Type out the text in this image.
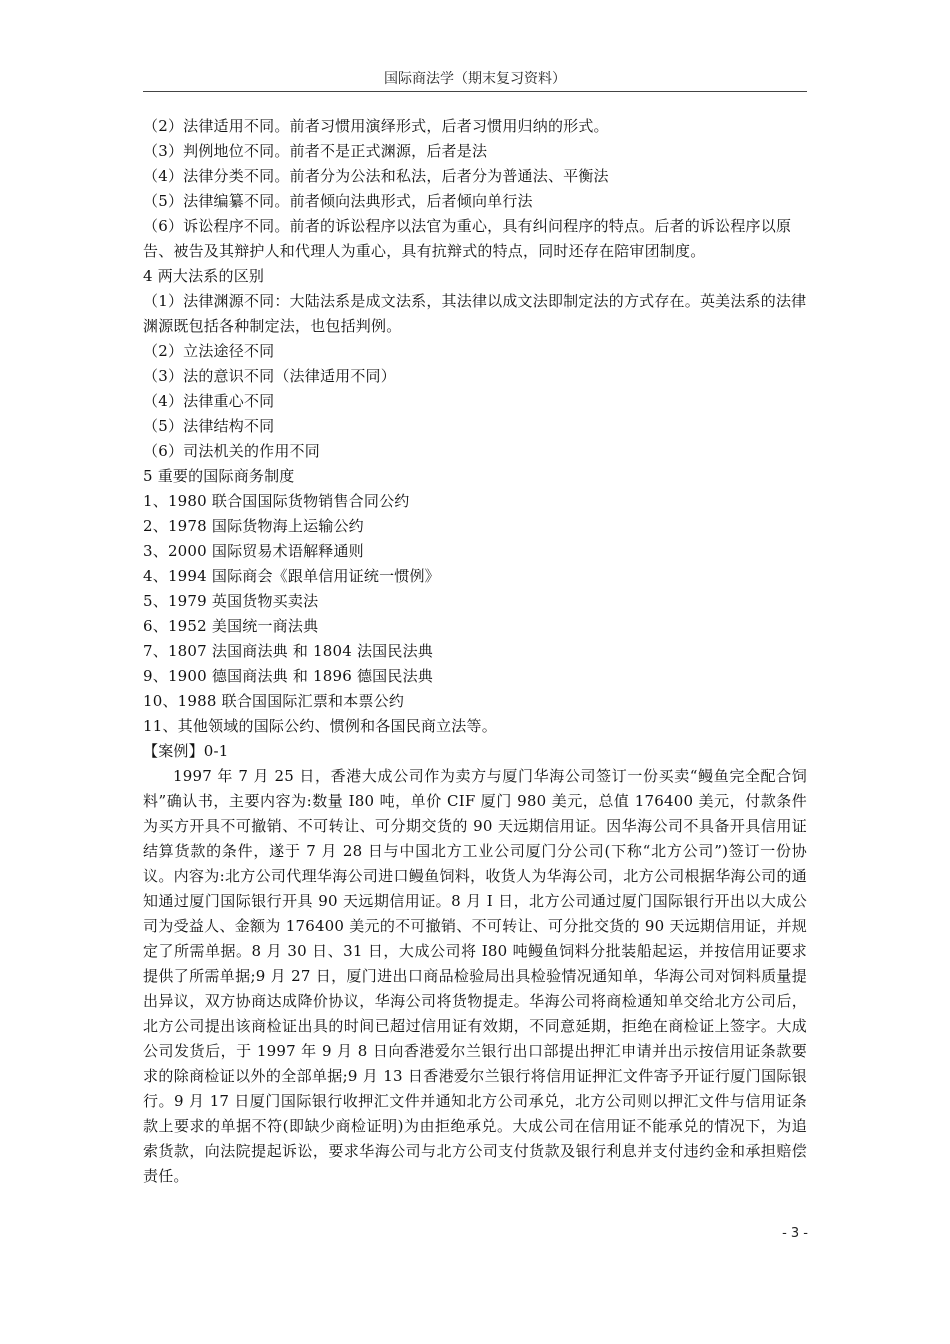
国际商法学（期末复习资料）

（2）法律适用不同。前者习惯用演绎形式，后者习惯用归纳的形式。

（3）判例地位不同。前者不是正式渊源，后者是法

（4）法律分类不同。前者分为公法和私法，后者分为普通法、平衡法

（5）法律编纂不同。前者倾向法典形式，后者倾向单行法

（6）诉讼程序不同。前者的诉讼程序以法官为重心，具有纠问程序的特点。后者的诉讼程序以原告、被告及其辩护人和代理人为重心，具有抗辩式的特点，同时还存在陪审团制度。

4 两大法系的区别

（1）法律渊源不同：大陆法系是成文法系，其法律以成文法即制定法的方式存在。英美法系的法律渊源既包括各种制定法，也包括判例。

（2）立法途径不同

（3）法的意识不同（法律适用不同）

（4）法律重心不同

（5）法律结构不同

（6）司法机关的作用不同

5 重要的国际商务制度

1、1980 联合国国际货物销售合同公约

2、1978 国际货物海上运输公约

3、2000 国际贸易术语解释通则

4、1994 国际商会《跟单信用证统一惯例》

5、1979 英国货物买卖法

6、1952 美国统一商法典

7、1807 法国商法典 和 1804 法国民法典

9、1900 德国商法典 和 1896 德国民法典

10、1988 联合国国际汇票和本票公约

11、其他领域的国际公约、惯例和各国民商立法等。

【案例】0-1

1997 年 7 月 25 日，香港大成公司作为卖方与厦门华海公司签订一份买卖“鳗鱼完全配合饲料”确认书，主要内容为:数量 I80 吨，单价 CIF 厦门 980 美元，总值 176400 美元，付款条件为买方开具不可撤销、不可转让、可分期交货的 90 天远期信用证。因华海公司不具备开具信用证结算货款的条件，遂于 7 月 28 日与中国北方工业公司厦门分公司(下称“北方公司”)签订一份协议。内容为:北方公司代理华海公司进口鳗鱼饲料，收货人为华海公司，北方公司根据华海公司的通知通过厦门国际银行开具 90 天远期信用证。8 月 I 日，北方公司通过厦门国际银行开出以大成公司为受益人、金额为 176400 美元的不可撤销、不可转让、可分批交货的 90 天远期信用证，并规定了所需单据。8 月 30 日、31 日，大成公司将 I80 吨鳗鱼饲料分批装船起运，并按信用证要求提供了所需单据;9 月 27 日，厦门进出口商品检验局出具检验情况通知单，华海公司对饲料质量提出异议，双方协商达成降价协议，华海公司将货物提走。华海公司将商检通知单交给北方公司后，北方公司提出该商检证出具的时间已超过信用证有效期，不同意延期，拒绝在商检证上签字。大成公司发货后，于 1997 年 9 月 8 日向香港爱尔兰银行出口部提出押汇申请并出示按信用证条款要求的除商检证以外的全部单据;9 月 13 日香港爱尔兰银行将信用证押汇文件寄予开证行厦门国际银行。9 月 17 日厦门国际银行收押汇文件并通知北方公司承兑，北方公司则以押汇文件与信用证条款上要求的单据不符(即缺少商检证明)为由拒绝承兑。大成公司在信用证不能承兑的情况下，为追索货款，向法院提起诉讼，要求华海公司与北方公司支付货款及银行利息并支付违约金和承担赔偿责任。

- 3 -
